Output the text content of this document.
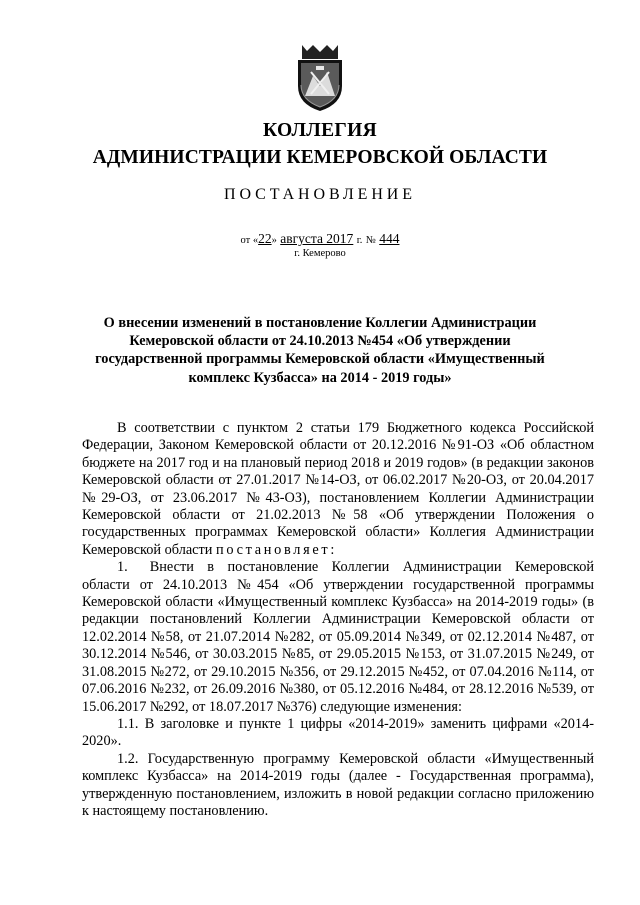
КОЛЛЕГИЯ
АДМИНИСТРАЦИИ КЕМЕРОВСКОЙ ОБЛАСТИ
ПОСТАНОВЛЕНИЕ
от «22» августа 2017 г. № 444
г. Кемерово
О внесении изменений в постановление Коллегии Администрации
Кемеровской области от 24.10.2013 №454 «Об утверждении
государственной программы Кемеровской области «Имущественный
комплекс Кузбасса» на 2014 - 2019 годы»

В соответствии с пунктом 2 статьи 179 Бюджетного кодекса Российской Федерации, Законом Кемеровской области от 20.12.2016 №91-ОЗ «Об областном бюджете на 2017 год и на плановый период 2018 и 2019 годов» (в редакции законов Кемеровской области от 27.01.2017 №14-ОЗ, от 06.02.2017 №20-ОЗ, от 20.04.2017 №29-ОЗ, от 23.06.2017 №43-ОЗ), постановлением Коллегии Администрации Кемеровской области от 21.02.2013 №58 «Об утверждении Положения о государственных программах Кемеровской области» Коллегия Администрации Кемеровской области постановляет:

1. Внести в постановление Коллегии Администрации Кемеровской области от 24.10.2013 №454 «Об утверждении государственной программы Кемеровской области «Имущественный комплекс Кузбасса» на 2014-2019 годы» (в редакции постановлений Коллегии Администрации Кемеровской области от 12.02.2014 №58, от 21.07.2014 №282, от 05.09.2014 №349, от 02.12.2014 №487, от 30.12.2014 №546, от 30.03.2015 №85, от 29.05.2015 №153, от 31.07.2015 №249, от 31.08.2015 №272, от 29.10.2015 №356, от 29.12.2015 №452, от 07.04.2016 №114, от 07.06.2016 №232, от 26.09.2016 №380, от 05.12.2016 №484, от 28.12.2016 №539, от 15.06.2017 №292, от 18.07.2017 №376) следующие изменения:

1.1. В заголовке и пункте 1 цифры «2014-2019» заменить цифрами «2014-2020».

1.2. Государственную программу Кемеровской области «Имущественный комплекс Кузбасса» на 2014-2019 годы (далее - Государственная программа), утвержденную постановлением, изложить в новой редакции согласно приложению к настоящему постановлению.
